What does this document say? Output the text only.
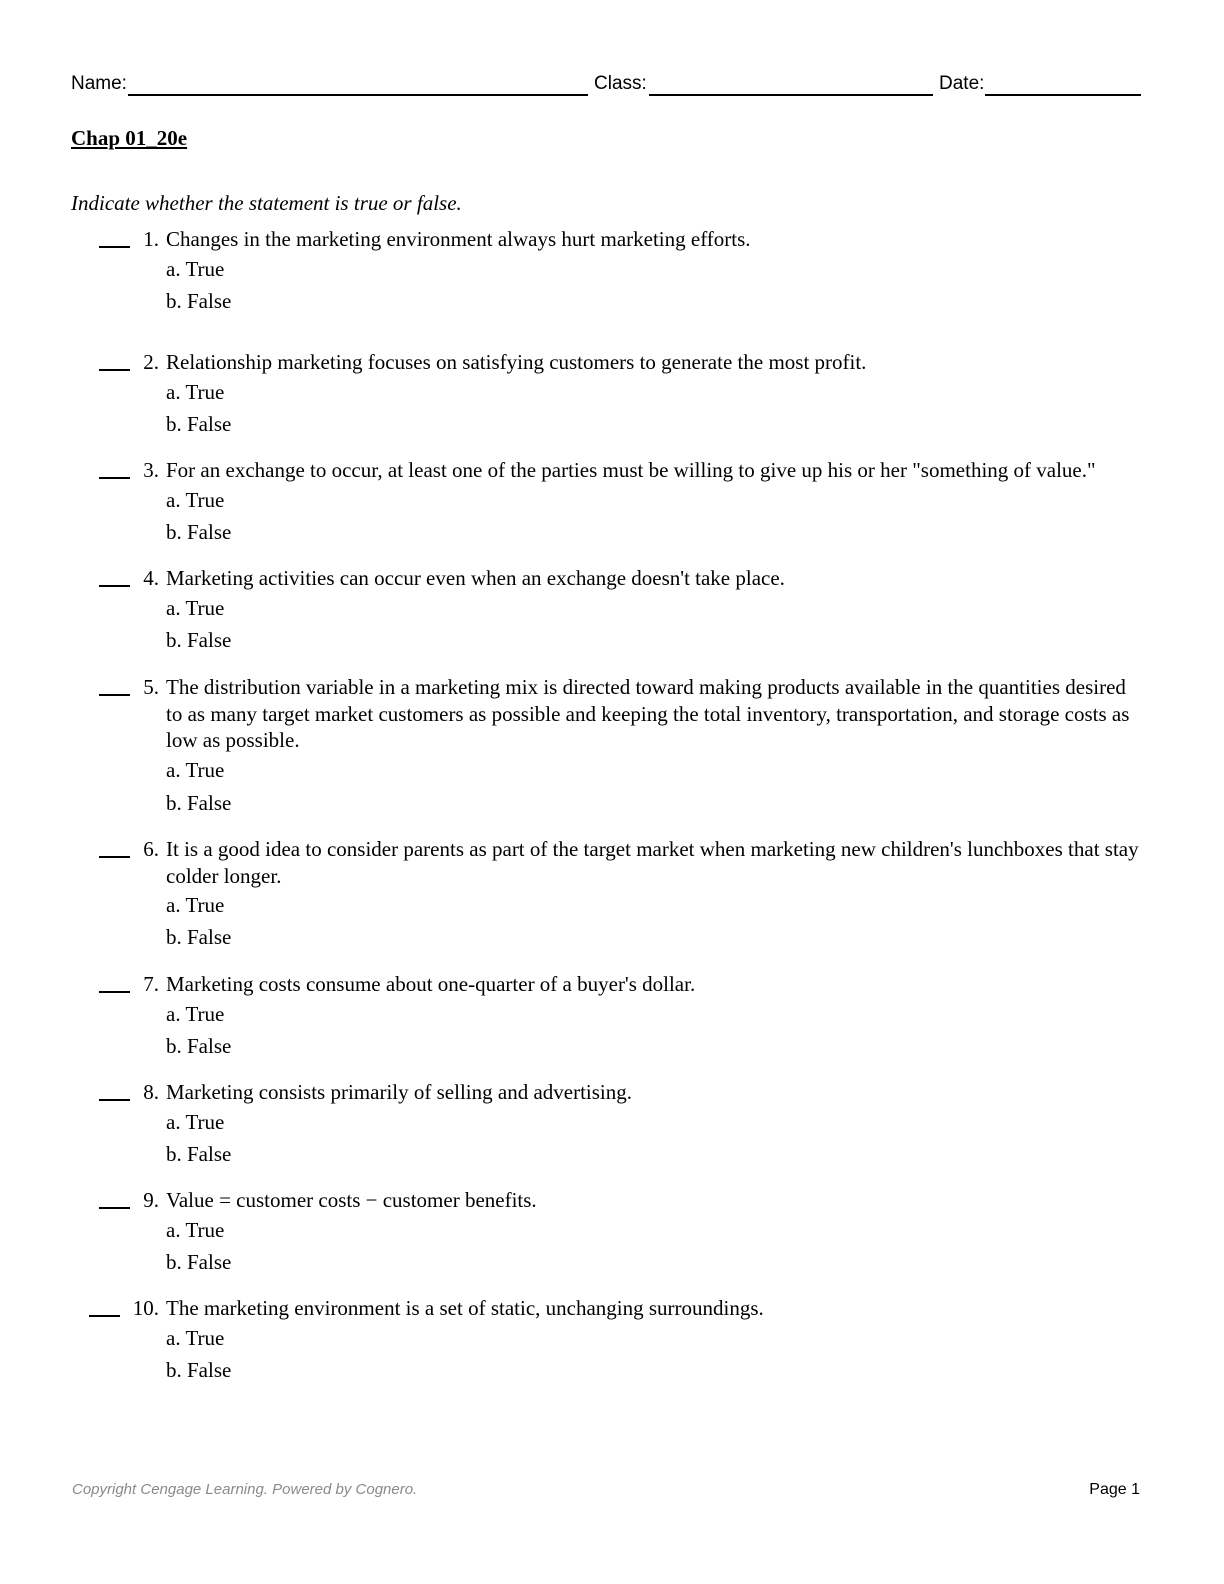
Name:	Class:	Date:
Chap 01_20e

Indicate whether the statement is true or false.

1. Changes in the marketing environment always hurt marketing efforts.
a. True
b. False
2. Relationship marketing focuses on satisfying customers to generate the most profit.
a. True
b. False
3. For an exchange to occur, at least one of the parties must be willing to give up his or her "something of value."
a. True
b. False
4. Marketing activities can occur even when an exchange doesn't take place.
a. True
b. False
5. The distribution variable in a marketing mix is directed toward making products available in the quantities desired to as many target market customers as possible and keeping the total inventory, transportation, and storage costs as low as possible.
a. True
b. False
6. It is a good idea to consider parents as part of the target market when marketing new children's lunchboxes that stay colder longer.
a. True
b. False
7. Marketing costs consume about one-quarter of a buyer's dollar.
a. True
b. False
8. Marketing consists primarily of selling and advertising.
a. True
b. False
9. Value = customer costs − customer benefits.
a. True
b. False
10. The marketing environment is a set of static, unchanging surroundings.
a. True
b. False
Copyright Cengage Learning. Powered by Cognero.	Page 1
